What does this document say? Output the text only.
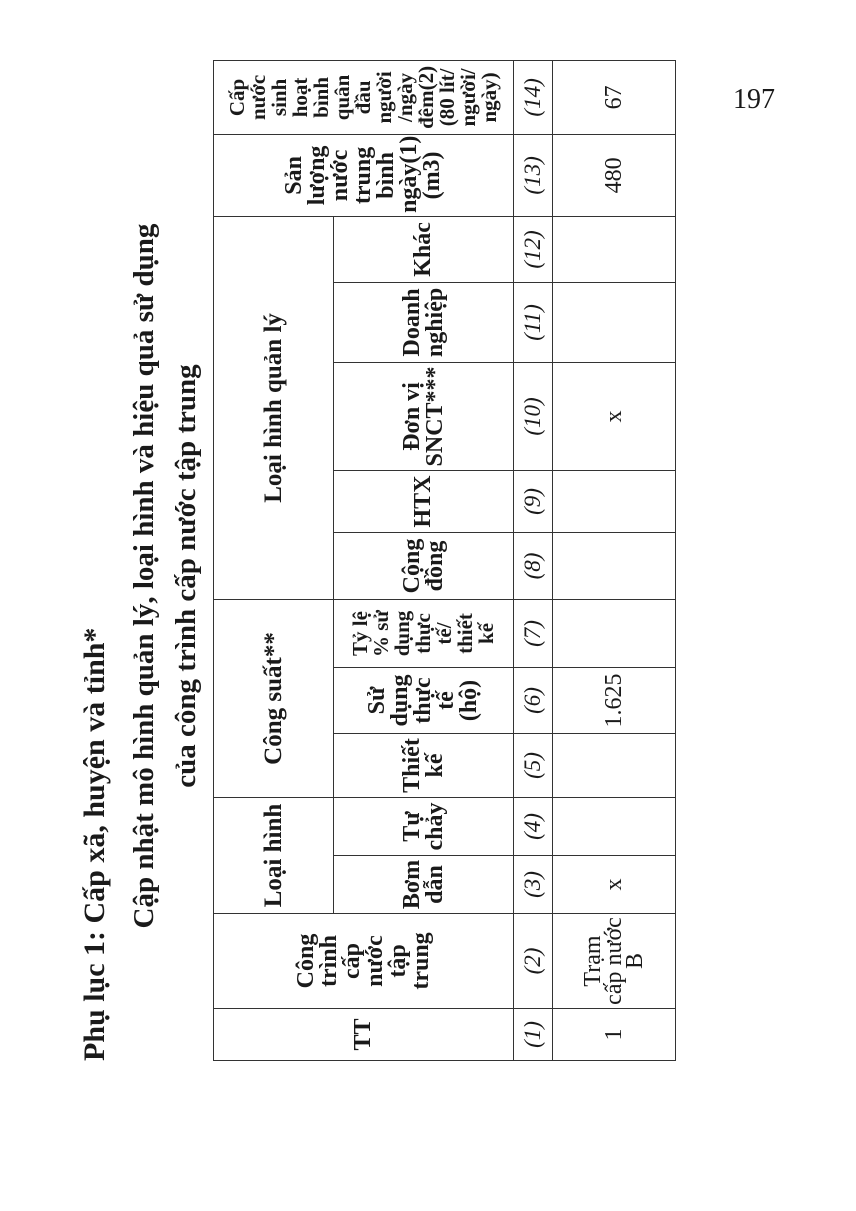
Phụ lục 1: Cấp xã, huyện và tỉnh* Cập nhật mô hình quản lý, loại hình và hiệu quả sử dụng của công trình cấp nước tập trung
TT	Công trình cấp nước tập trung	Loại hình		Công suất**			Loại hình quản lý					Sản lượng nước trung bình ngày(1) (m3)	Cấp nước sinh hoạt bình quân đầu người /ngày đêm(2) (80 lít/ người/ ngày)
		Bơm dẫn	Tự chảy	Thiết kế	Sử dụng thực tế (hộ)	Tỷ lệ % sử dụng thực tế/ thiết kế	Cộng đồng	HTX	Đơn vị SNCT***	Doanh nghiệp	Khác		
(1)	(2)	(3)	(4)	(5)	(6)	(7)	(8)	(9)	(10)	(11)	(12)	(13)	(14)
1	Trạm cấp nước B	x			1.625				x			480	67	197
